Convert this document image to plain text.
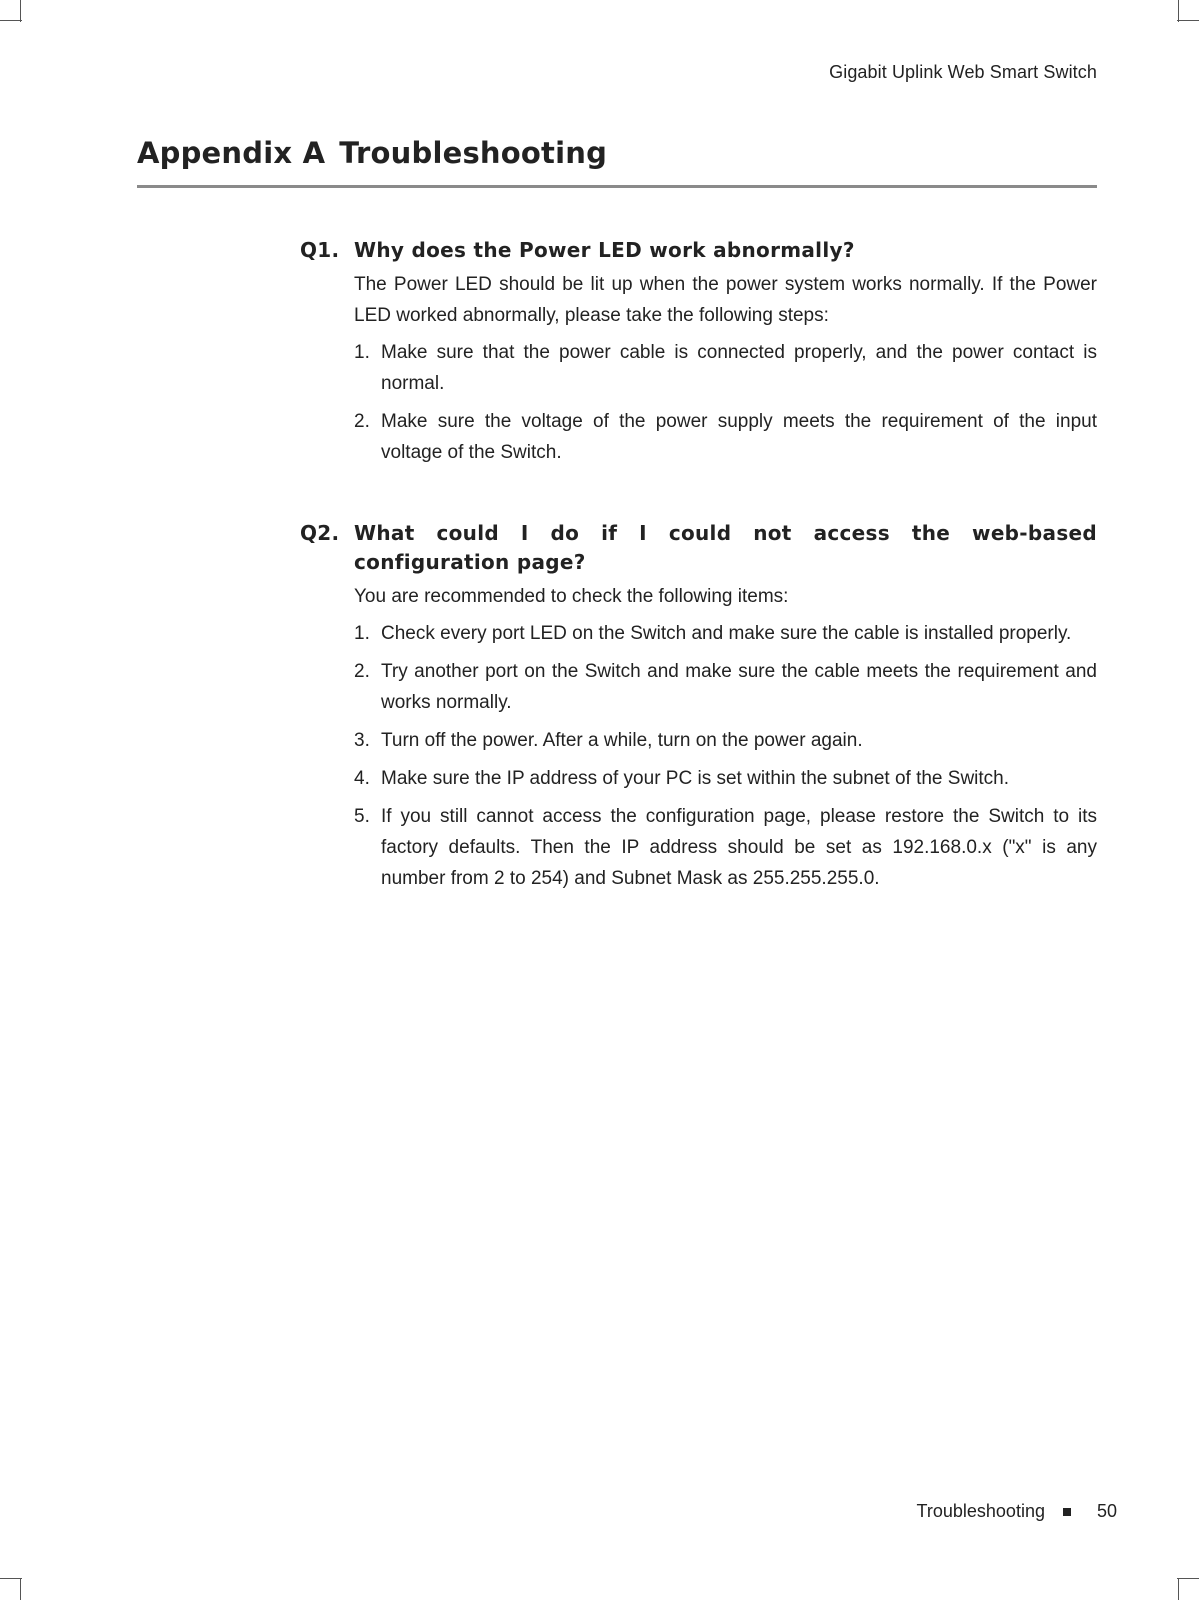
Gigabit Uplink Web Smart Switch
Appendix A Troubleshooting
Q1. Why does the Power LED work abnormally?

The Power LED should be lit up when the power system works normally. If the Power LED worked abnormally, please take the following steps:

1. Make sure that the power cable is connected properly, and the power contact is normal.
2. Make sure the voltage of the power supply meets the requirement of the input voltage of the Switch.
Q2. What could I do if I could not access the web-based configuration page?

You are recommended to check the following items:

1. Check every port LED on the Switch and make sure the cable is installed properly.
2. Try another port on the Switch and make sure the cable meets the requirement and works normally.
3. Turn off the power. After a while, turn on the power again.
4. Make sure the IP address of your PC is set within the subnet of the Switch.
5. If you still cannot access the configuration page, please restore the Switch to its factory defaults. Then the IP address should be set as 192.168.0.x ("x" is any number from 2 to 254) and Subnet Mask as 255.255.255.0.
Troubleshooting	50
